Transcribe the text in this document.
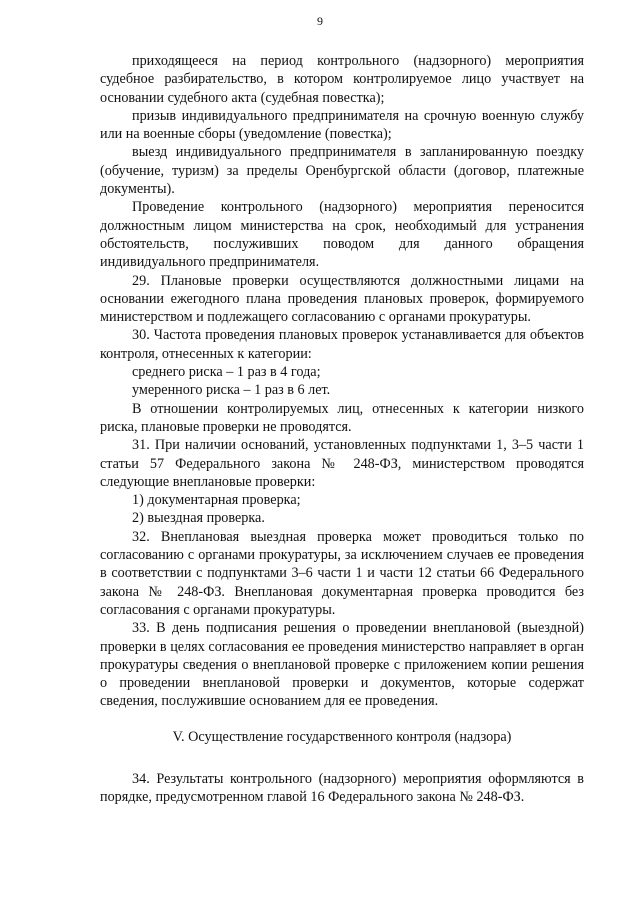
9

приходящееся на период контрольного (надзорного) мероприятия судебное разбирательство, в котором контролируемое лицо участвует на основании судебного акта (судебная повестка);

призыв индивидуального предпринимателя на срочную военную службу или на военные сборы (уведомление (повестка);

выезд индивидуального предпринимателя в запланированную поездку (обучение, туризм) за пределы Оренбургской области (договор, платежные документы).

Проведение контрольного (надзорного) мероприятия переносится должностным лицом министерства на срок, необходимый для устранения обстоятельств, послуживших поводом для данного обращения индивидуального предпринимателя.

29. Плановые проверки осуществляются должностными лицами на основании ежегодного плана проведения плановых проверок, формируемого министерством и подлежащего согласованию с органами прокуратуры.

30. Частота проведения плановых проверок устанавливается для объектов контроля, отнесенных к категории:

среднего риска – 1 раз в 4 года;

умеренного риска – 1 раз в 6 лет.

В отношении контролируемых лиц, отнесенных к категории низкого риска, плановые проверки не проводятся.

31. При наличии оснований, установленных подпунктами 1, 3–5 части 1 статьи 57 Федерального закона № 248-ФЗ, министерством проводятся следующие внеплановые проверки:

1) документарная проверка;

2) выездная проверка.

32. Внеплановая выездная проверка может проводиться только по согласованию с органами прокуратуры, за исключением случаев ее проведения в соответствии с подпунктами 3–6 части 1 и части 12 статьи 66 Федерального закона № 248-ФЗ. Внеплановая документарная проверка проводится без согласования с органами прокуратуры.

33. В день подписания решения о проведении внеплановой (выездной) проверки в целях согласования ее проведения министерство направляет в орган прокуратуры сведения о внеплановой проверке с приложением копии решения о проведении внеплановой проверки и документов, которые содержат сведения, послужившие основанием для ее проведения.

V. Осуществление государственного контроля (надзора)

34. Результаты контрольного (надзорного) мероприятия оформляются в порядке, предусмотренном главой 16 Федерального закона № 248-ФЗ.
